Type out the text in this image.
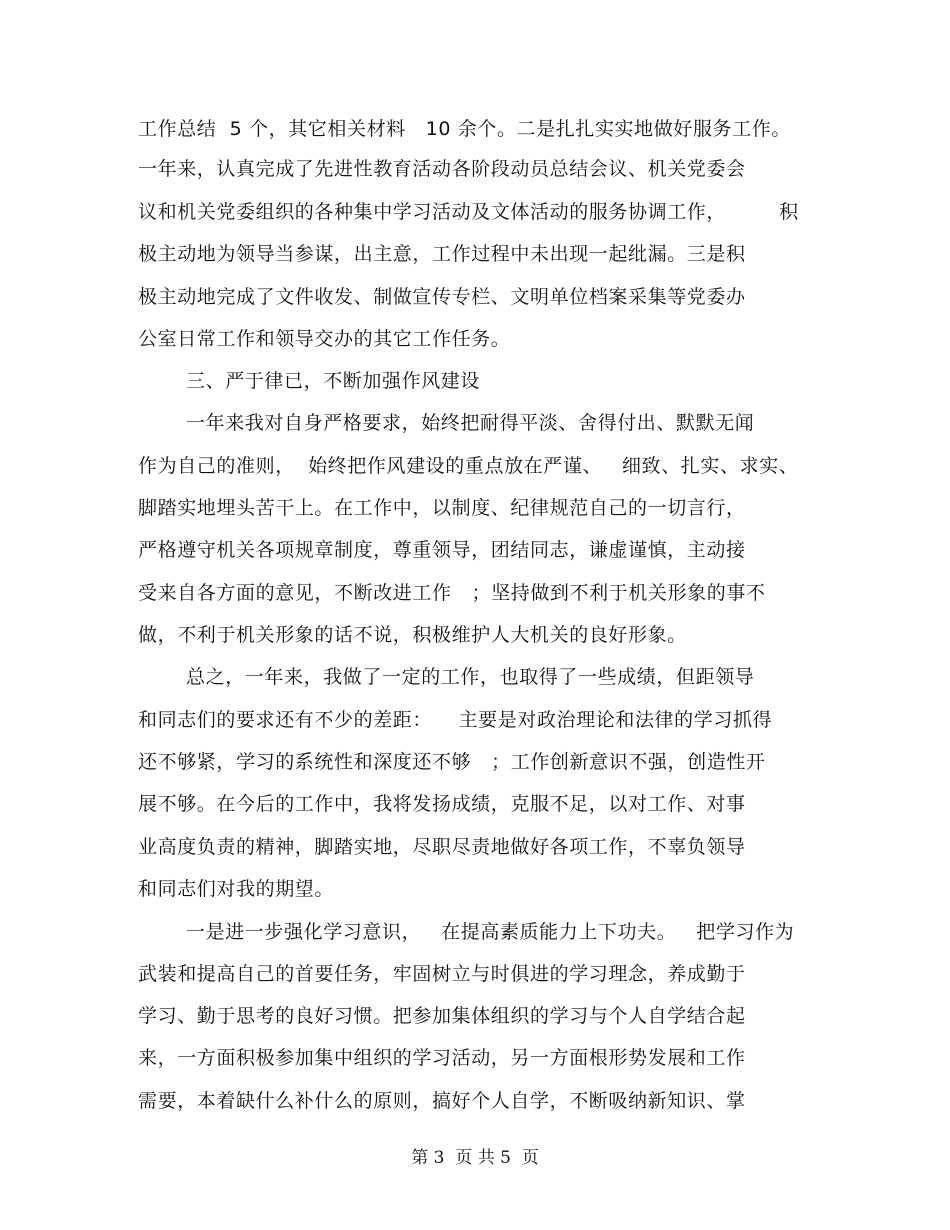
工作总结  5 个，其它相关材料   10 余个。二是扎扎实实地做好服务工作。
一年来，认真完成了先进性教育活动各阶段动员总结会议、机关党委会
议和机关党委组织的各种集中学习活动及文体活动的服务协调工作，        积
极主动地为领导当参谋，出主意，工作过程中未出现一起纰漏。三是积
极主动地完成了文件收发、制做宣传专栏、文明单位档案采集等党委办
公室日常工作和领导交办的其它工作任务。
三、严于律已，不断加强作风建设
一年来我对自身严格要求，始终把耐得平淡、舍得付出、默默无闻
作为自己的准则，  始终把作风建设的重点放在严谨、   细致、扎实、求实、
脚踏实地埋头苦干上。在工作中，以制度、纪律规范自己的一切言行，
严格遵守机关各项规章制度，尊重领导，团结同志，谦虚谨慎，主动接
受来自各方面的意见，不断改进工作   ；坚持做到不利于机关形象的事不
做，不利于机关形象的话不说，积极维护人大机关的良好形象。
总之，一年来，我做了一定的工作，也取得了一些成绩，但距领导
和同志们的要求还有不少的差距：    主要是对政治理论和法律的学习抓得
还不够紧，学习的系统性和深度还不够   ；工作创新意识不强，创造性开
展不够。在今后的工作中，我将发扬成绩，克服不足，以对工作、对事
业高度负责的精神，脚踏实地，尽职尽责地做好各项工作，不辜负领导
和同志们对我的期望。
一是进一步强化学习意识，   在提高素质能力上下功夫。   把学习作为
武装和提高自己的首要任务，牢固树立与时俱进的学习理念，养成勤于
学习、勤于思考的良好习惯。把参加集体组织的学习与个人自学结合起
来，一方面积极参加集中组织的学习活动，另一方面根形势发展和工作
需要，本着缺什么补什么的原则，搞好个人自学，不断吸纳新知识、掌
第 3  页 共 5  页
